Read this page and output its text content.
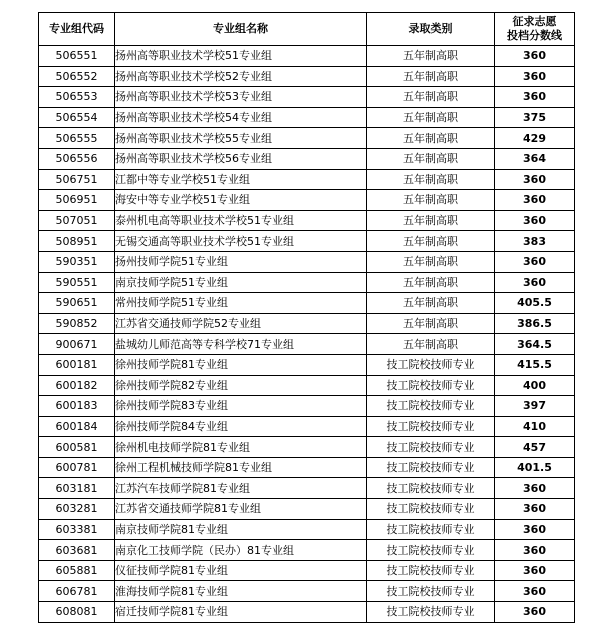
专业组代码	专业组名称	录取类别	征求志愿
投档分数线
506551	扬州高等职业技术学校51专业组	五年制高职	360
506552	扬州高等职业技术学校52专业组	五年制高职	360
506553	扬州高等职业技术学校53专业组	五年制高职	360
506554	扬州高等职业技术学校54专业组	五年制高职	375
506555	扬州高等职业技术学校55专业组	五年制高职	429
506556	扬州高等职业技术学校56专业组	五年制高职	364
506751	江都中等专业学校51专业组	五年制高职	360
506951	海安中等专业学校51专业组	五年制高职	360
507051	泰州机电高等职业技术学校51专业组	五年制高职	360
508951	无锡交通高等职业技术学校51专业组	五年制高职	383
590351	扬州技师学院51专业组	五年制高职	360
590551	南京技师学院51专业组	五年制高职	360
590651	常州技师学院51专业组	五年制高职	405.5
590852	江苏省交通技师学院52专业组	五年制高职	386.5
900671	盐城幼儿师范高等专科学校71专业组	五年制高职	364.5
600181	徐州技师学院81专业组	技工院校技师专业	415.5
600182	徐州技师学院82专业组	技工院校技师专业	400
600183	徐州技师学院83专业组	技工院校技师专业	397
600184	徐州技师学院84专业组	技工院校技师专业	410
600581	徐州机电技师学院81专业组	技工院校技师专业	457
600781	徐州工程机械技师学院81专业组	技工院校技师专业	401.5
603181	江苏汽车技师学院81专业组	技工院校技师专业	360
603281	江苏省交通技师学院81专业组	技工院校技师专业	360
603381	南京技师学院81专业组	技工院校技师专业	360
603681	南京化工技师学院（民办）81专业组	技工院校技师专业	360
605881	仪征技师学院81专业组	技工院校技师专业	360
606781	淮海技师学院81专业组	技工院校技师专业	360
608081	宿迁技师学院81专业组	技工院校技师专业	360
